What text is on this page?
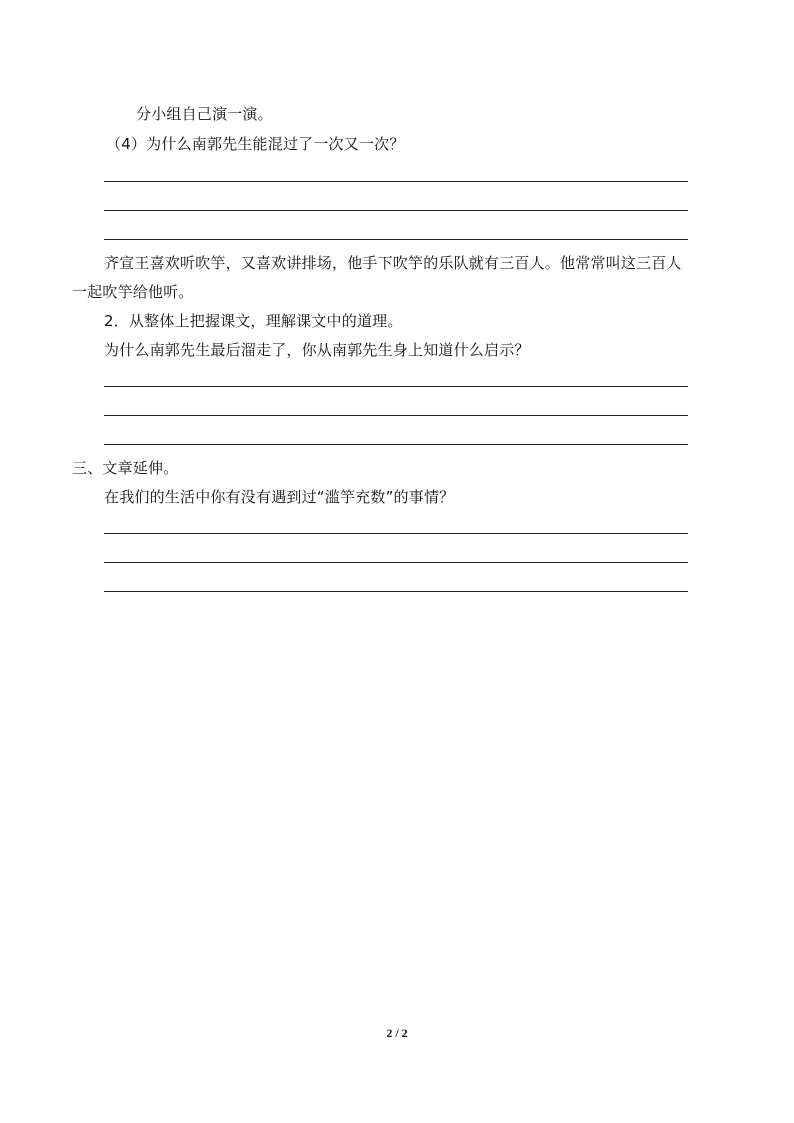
分小组自己演一演。
（4）为什么南郭先生能混过了一次又一次？
齐宣王喜欢听吹竽，又喜欢讲排场，他手下吹竽的乐队就有三百人。他常常叫这三百人
一起吹竽给他听。
2．从整体上把握课文，理解课文中的道理。
为什么南郭先生最后溜走了，你从南郭先生身上知道什么启示？
三、文章延伸。
在我们的生活中你有没有遇到过“滥竽充数”的事情？
2 / 2
